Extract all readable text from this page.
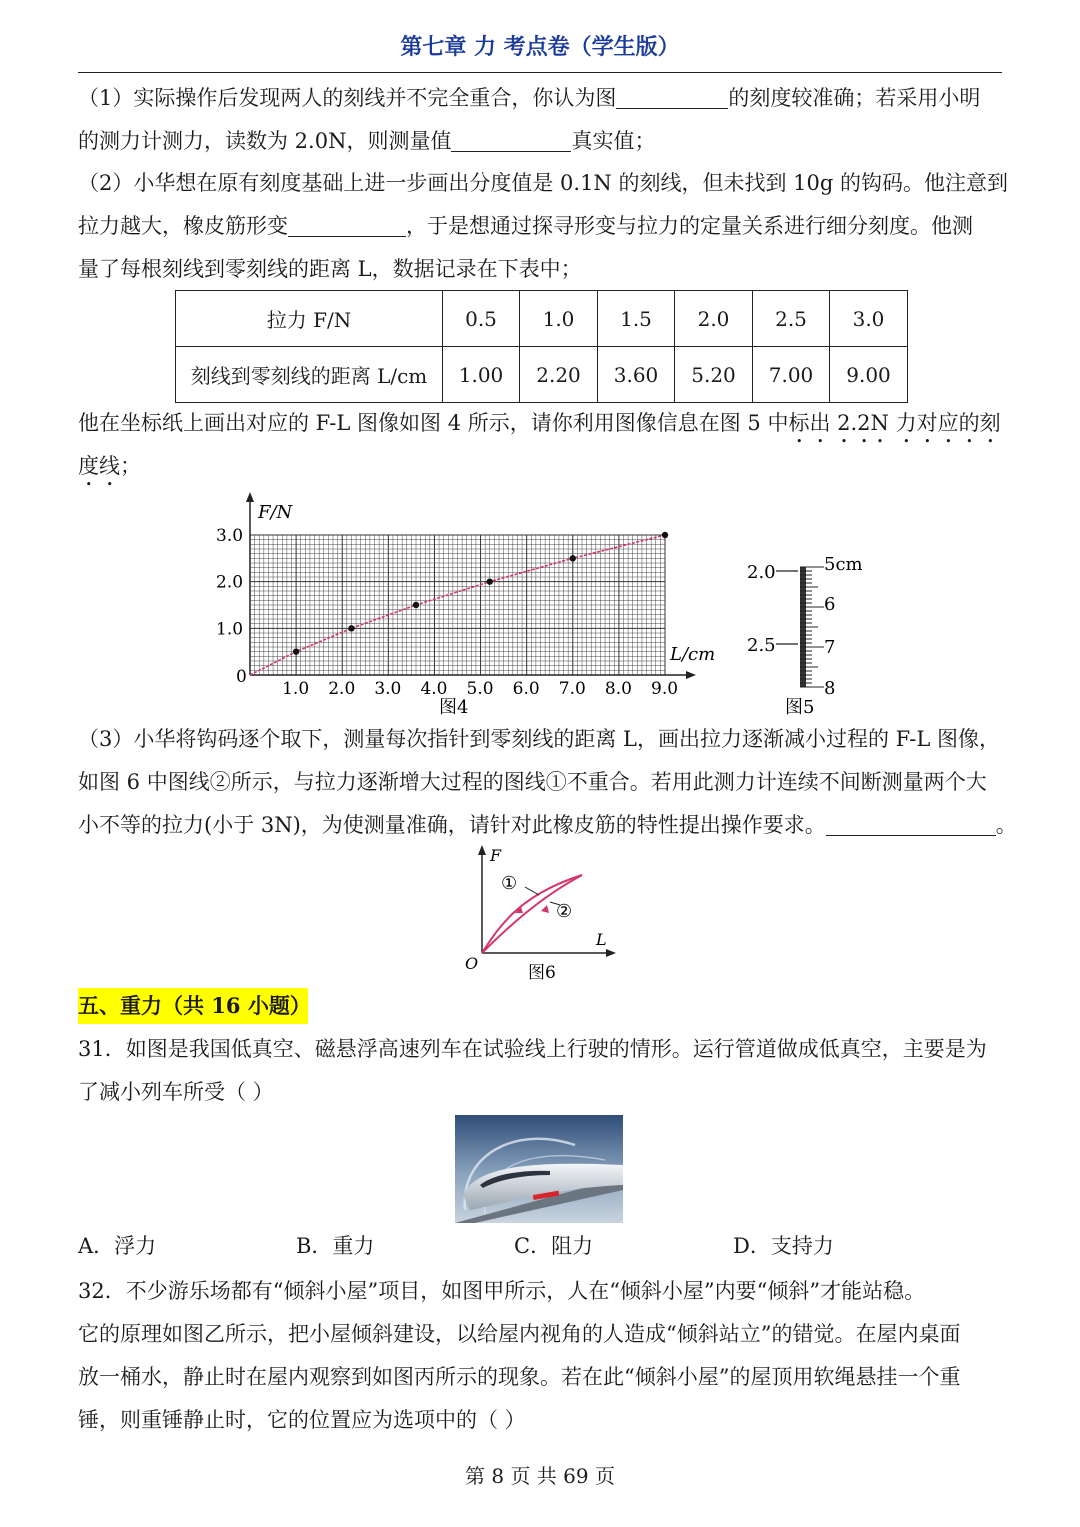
第七章 力 考点卷（学生版）
（1）实际操作后发现两人的刻线并不完全重合，你认为图	的刻度较准确；若采用小明
的测力计测力，读数为 2.0N，则测量值	真实值；
（2）小华想在原有刻度基础上进一步画出分度值是 0.1N 的刻线，但未找到 10g 的钩码。他注意到
拉力越大，橡皮筋形变	，于是想通过探寻形变与拉力的定量关系进行细分刻度。他测
量了每根刻线到零刻线的距离 L，数据记录在下表中；
拉力 F/N	0.5	1.0	1.5	2.0	2.5	3.0
刻线到零刻线的距离 L/cm	1.00	2.20	3.60	5.20	7.00	9.00
他在坐标纸上画出对应的 F-L 图像如图 4 所示，请你利用图像信息在图 5 中标出 2.2N 力对应的刻
度线；
1.0 2.0 3.0 4.0 5.0 6.0 7.0 8.0 9.0
1.0
2.0
3.0
0
F/N
L/cm
图4
2.0
2.5
5cm
6
7
8
图5
（3）小华将钩码逐个取下，测量每次指针到零刻线的距离 L，画出拉力逐渐减小过程的 F-L 图像，
如图 6 中图线②所示，与拉力逐渐增大过程的图线①不重合。若用此测力计连续不间断测量两个大
小不等的拉力(小于 3N)，为使测量准确，请针对此橡皮筋的特性提出操作要求。	。
①
②
F
L
O	图6
五、重力（共 16 小题）
31．如图是我国低真空、磁悬浮高速列车在试验线上行驶的情形。运行管道做成低真空，主要是为
了减小列车所受（ ）
A．浮力	B．重力	C．阻力	D．支持力
32．不少游乐场都有“倾斜小屋”项目，如图甲所示，人在“倾斜小屋”内要“倾斜”才能站稳。
它的原理如图乙所示，把小屋倾斜建设，以给屋内视角的人造成“倾斜站立”的错觉。在屋内桌面
放一桶水，静止时在屋内观察到如图丙所示的现象。若在此“倾斜小屋”的屋顶用软绳悬挂一个重
锤，则重锤静止时，它的位置应为选项中的（ ）
第 8 页 共 69 页
